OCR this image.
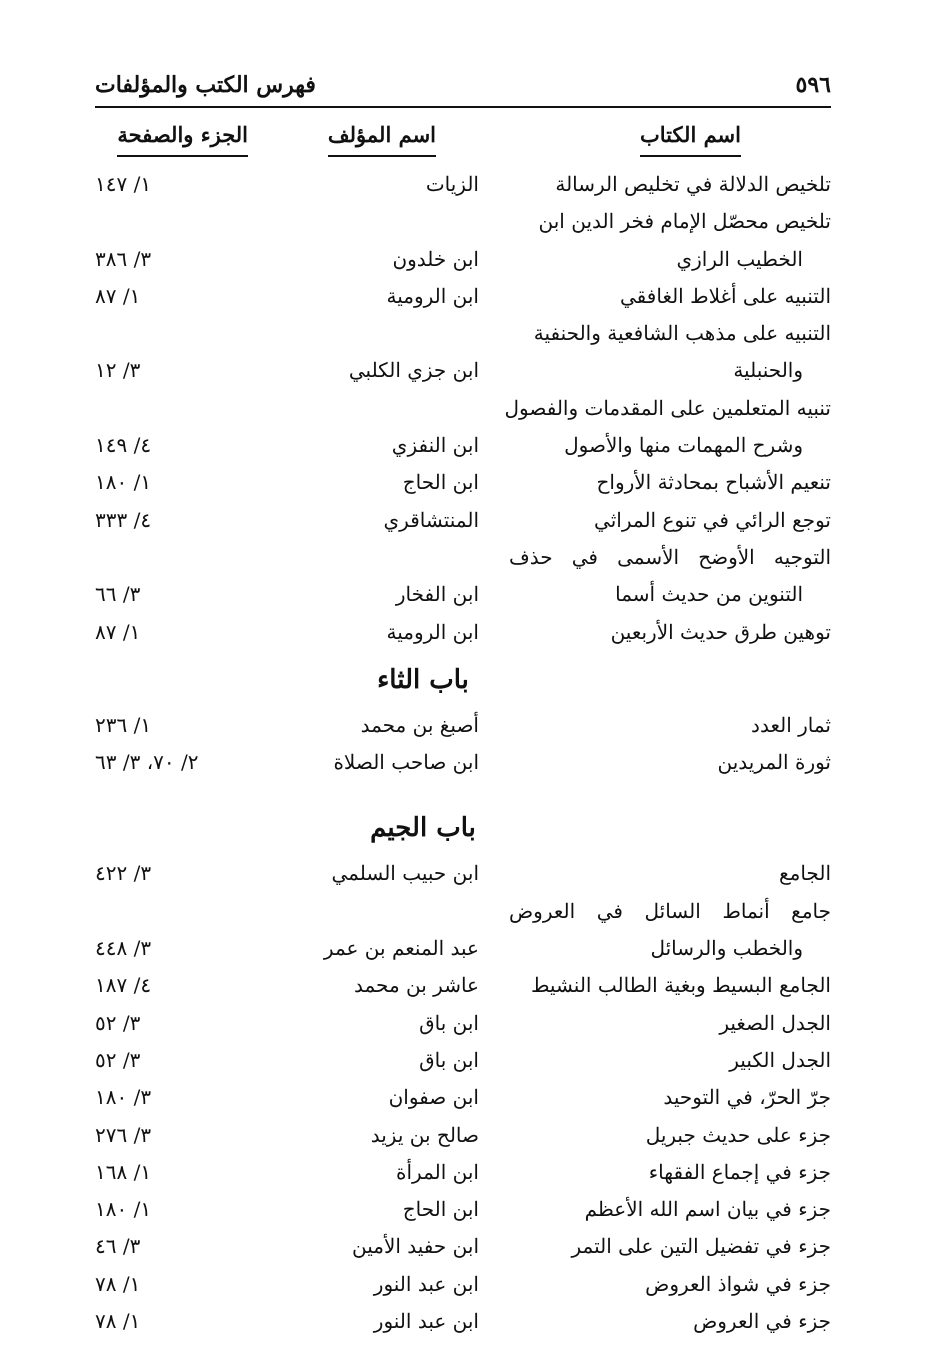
٥٩٦
فهرس الكتب والمؤلفات
اسم الكتاب
اسم المؤلف
الجزء والصفحة
تلخيص الدلالة في تخليص الرسالة
الزيات
١/ ١٤٧
تلخيص محصّل الإمام فخر الدين ابن
الخطيب الرازي
ابن خلدون
٣/ ٣٨٦
التنبيه على أغلاط الغافقي
ابن الرومية
١/ ٨٧
التنبيه على مذهب الشافعية والحنفية
والحنبلية
ابن جزي الكلبي
٣/ ١٢
تنبيه المتعلمين على المقدمات والفصول
وشرح المهمات منها والأصول
ابن النفزي
٤/ ١٤٩
تنعيم الأشباح بمحادثة الأرواح
ابن الحاج
١/ ١٨٠
توجع الرائي في تنوع المراثي
المنتشاقري
٤/ ٣٣٣
التوجيه الأوضح الأسمى في حذف
التنوين من حديث أسما
ابن الفخار
٣/ ٦٦
توهين طرق حديث الأربعين
ابن الرومية
١/ ٨٧
باب الثاء
ثمار العدد
أصبغ بن محمد
١/ ٢٣٦
ثورة المريدين
ابن صاحب الصلاة
٢/ ٧٠، ٣/ ٦٣
باب الجيم
الجامع
ابن حبيب السلمي
٣/ ٤٢٢
جامع أنماط السائل في العروض
والخطب والرسائل
عبد المنعم بن عمر
٣/ ٤٤٨
الجامع البسيط وبغية الطالب النشيط
عاشر بن محمد
٤/ ١٨٧
الجدل الصغير
ابن باق
٣/ ٥٢
الجدل الكبير
ابن باق
٣/ ٥٢
جرّ الحرّ، في التوحيد
ابن صفوان
٣/ ١٨٠
جزء على حديث جبريل
صالح بن يزيد
٣/ ٢٧٦
جزء في إجماع الفقهاء
ابن المرأة
١/ ١٦٨
جزء في بيان اسم الله الأعظم
ابن الحاج
١/ ١٨٠
جزء في تفضيل التين على التمر
ابن حفيد الأمين
٣/ ٤٦
جزء في شواذ العروض
ابن عبد النور
١/ ٧٨
جزء في العروض
ابن عبد النور
١/ ٧٨
